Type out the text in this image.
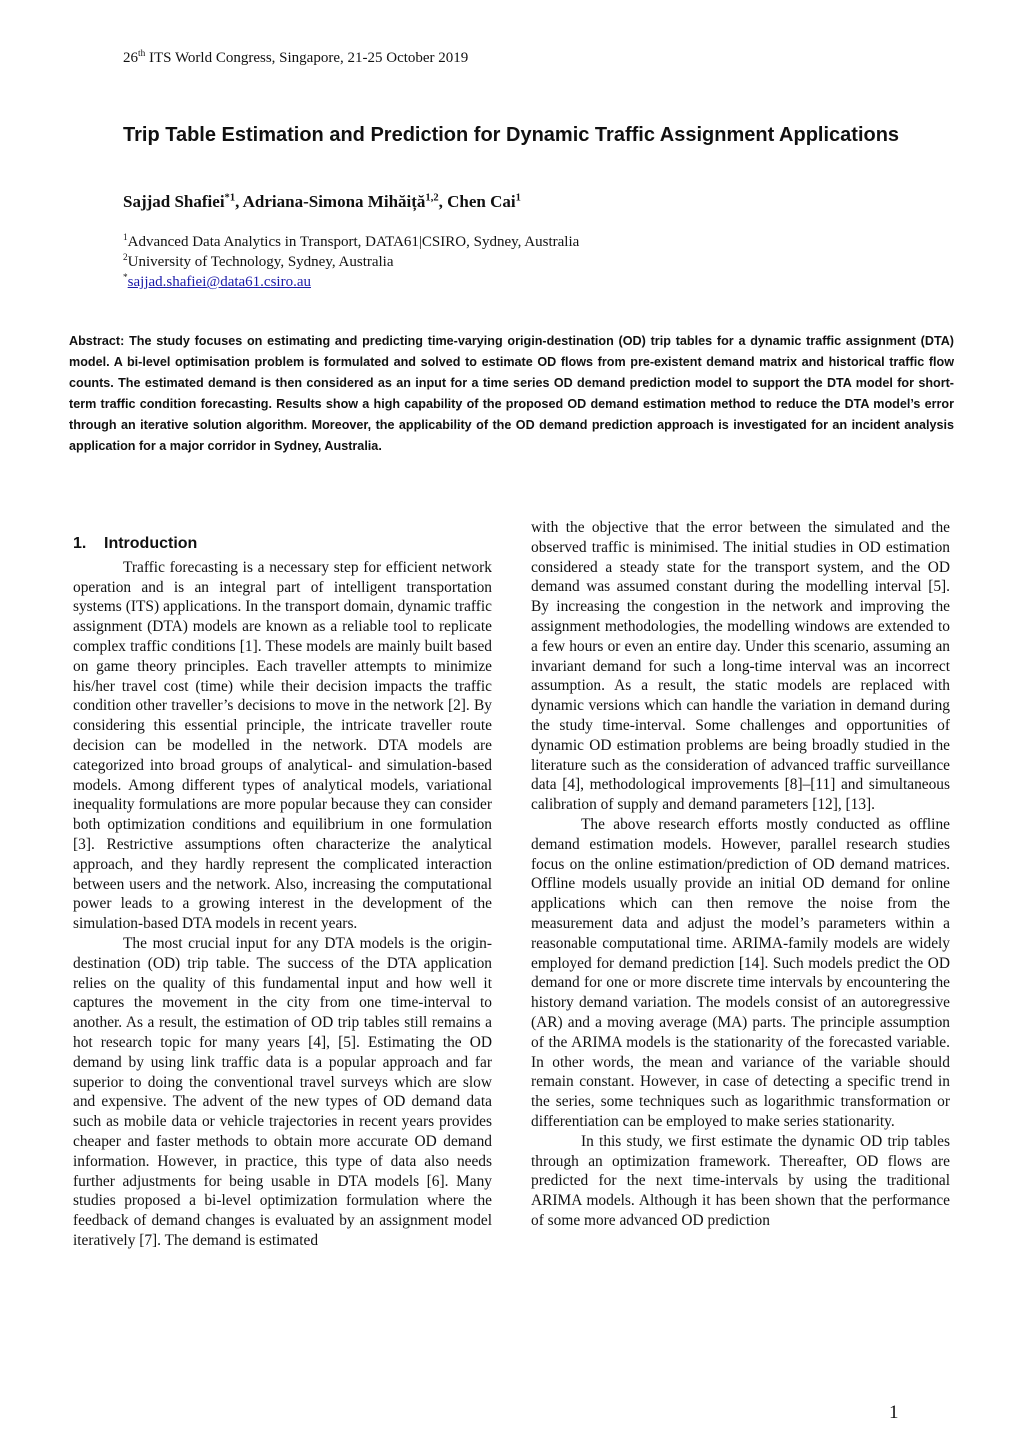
26th ITS World Congress, Singapore, 21-25 October 2019
Trip Table Estimation and Prediction for Dynamic Traffic Assignment Applications
Sajjad Shafiei$^{*1}$, Adriana-Simona Mihăiță$^{1,2}$, Chen Cai$^1$
$^1$Advanced Data Analytics in Transport, DATA61|CSIRO, Sydney, Australia
$^2$University of Technology, Sydney, Australia
*sajjad.shafiei@data61.csiro.au
Abstract: The study focuses on estimating and predicting time-varying origin-destination (OD) trip tables for a dynamic traffic assignment (DTA) model. A bi-level optimisation problem is formulated and solved to estimate OD flows from pre-existent demand matrix and historical traffic flow counts. The estimated demand is then considered as an input for a time series OD demand prediction model to support the DTA model for short-term traffic condition forecasting. Results show a high capability of the proposed OD demand estimation method to reduce the DTA model’s error through an iterative solution algorithm. Moreover, the applicability of the OD demand prediction approach is investigated for an incident analysis application for a major corridor in Sydney, Australia.
1. Introduction

Traffic forecasting is a necessary step for efficient network operation and is an integral part of intelligent transportation systems (ITS) applications. In the transport domain, dynamic traffic assignment (DTA) models are known as a reliable tool to replicate complex traffic conditions [1]. These models are mainly built based on game theory principles. Each traveller attempts to minimize his/her travel cost (time) while their decision impacts the traffic condition other traveller’s decisions to move in the network [2]. By considering this essential principle, the intricate traveller route decision can be modelled in the network. DTA models are categorized into broad groups of analytical- and simulation-based models. Among different types of analytical models, variational inequality formulations are more popular because they can consider both optimization conditions and equilibrium in one formulation [3]. Restrictive assumptions often characterize the analytical approach, and they hardly represent the complicated interaction between users and the network. Also, increasing the computational power leads to a growing interest in the development of the simulation-based DTA models in recent years.

The most crucial input for any DTA models is the origin-destination (OD) trip table. The success of the DTA application relies on the quality of this fundamental input and how well it captures the movement in the city from one time-interval to another. As a result, the estimation of OD trip tables still remains a hot research topic for many years [4], [5]. Estimating the OD demand by using link traffic data is a popular approach and far superior to doing the conventional travel surveys which are slow and expensive. The advent of the new types of OD demand data such as mobile data or vehicle trajectories in recent years provides cheaper and faster methods to obtain more accurate OD demand information. However, in practice, this type of data also needs further adjustments for being usable in DTA models [6]. Many studies proposed a bi-level optimization formulation where the feedback of demand changes is evaluated by an assignment model iteratively [7]. The demand is estimated

with the objective that the error between the simulated and the observed traffic is minimised. The initial studies in OD estimation considered a steady state for the transport system, and the OD demand was assumed constant during the modelling interval [5]. By increasing the congestion in the network and improving the assignment methodologies, the modelling windows are extended to a few hours or even an entire day. Under this scenario, assuming an invariant demand for such a long-time interval was an incorrect assumption. As a result, the static models are replaced with dynamic versions which can handle the variation in demand during the study time-interval. Some challenges and opportunities of dynamic OD estimation problems are being broadly studied in the literature such as the consideration of advanced traffic surveillance data [4], methodological improvements [8]–[11] and simultaneous calibration of supply and demand parameters [12], [13].

The above research efforts mostly conducted as offline demand estimation models. However, parallel research studies focus on the online estimation/prediction of OD demand matrices. Offline models usually provide an initial OD demand for online applications which can then remove the noise from the measurement data and adjust the model’s parameters within a reasonable computational time. ARIMA-family models are widely employed for demand prediction [14]. Such models predict the OD demand for one or more discrete time intervals by encountering the history demand variation. The models consist of an autoregressive (AR) and a moving average (MA) parts. The principle assumption of the ARIMA models is the stationarity of the forecasted variable. In other words, the mean and variance of the variable should remain constant. However, in case of detecting a specific trend in the series, some techniques such as logarithmic transformation or differentiation can be employed to make series stationarity.

In this study, we first estimate the dynamic OD trip tables through an optimization framework. Thereafter, OD flows are predicted for the next time-intervals by using the traditional ARIMA models. Although it has been shown that the performance of some more advanced OD prediction

1
